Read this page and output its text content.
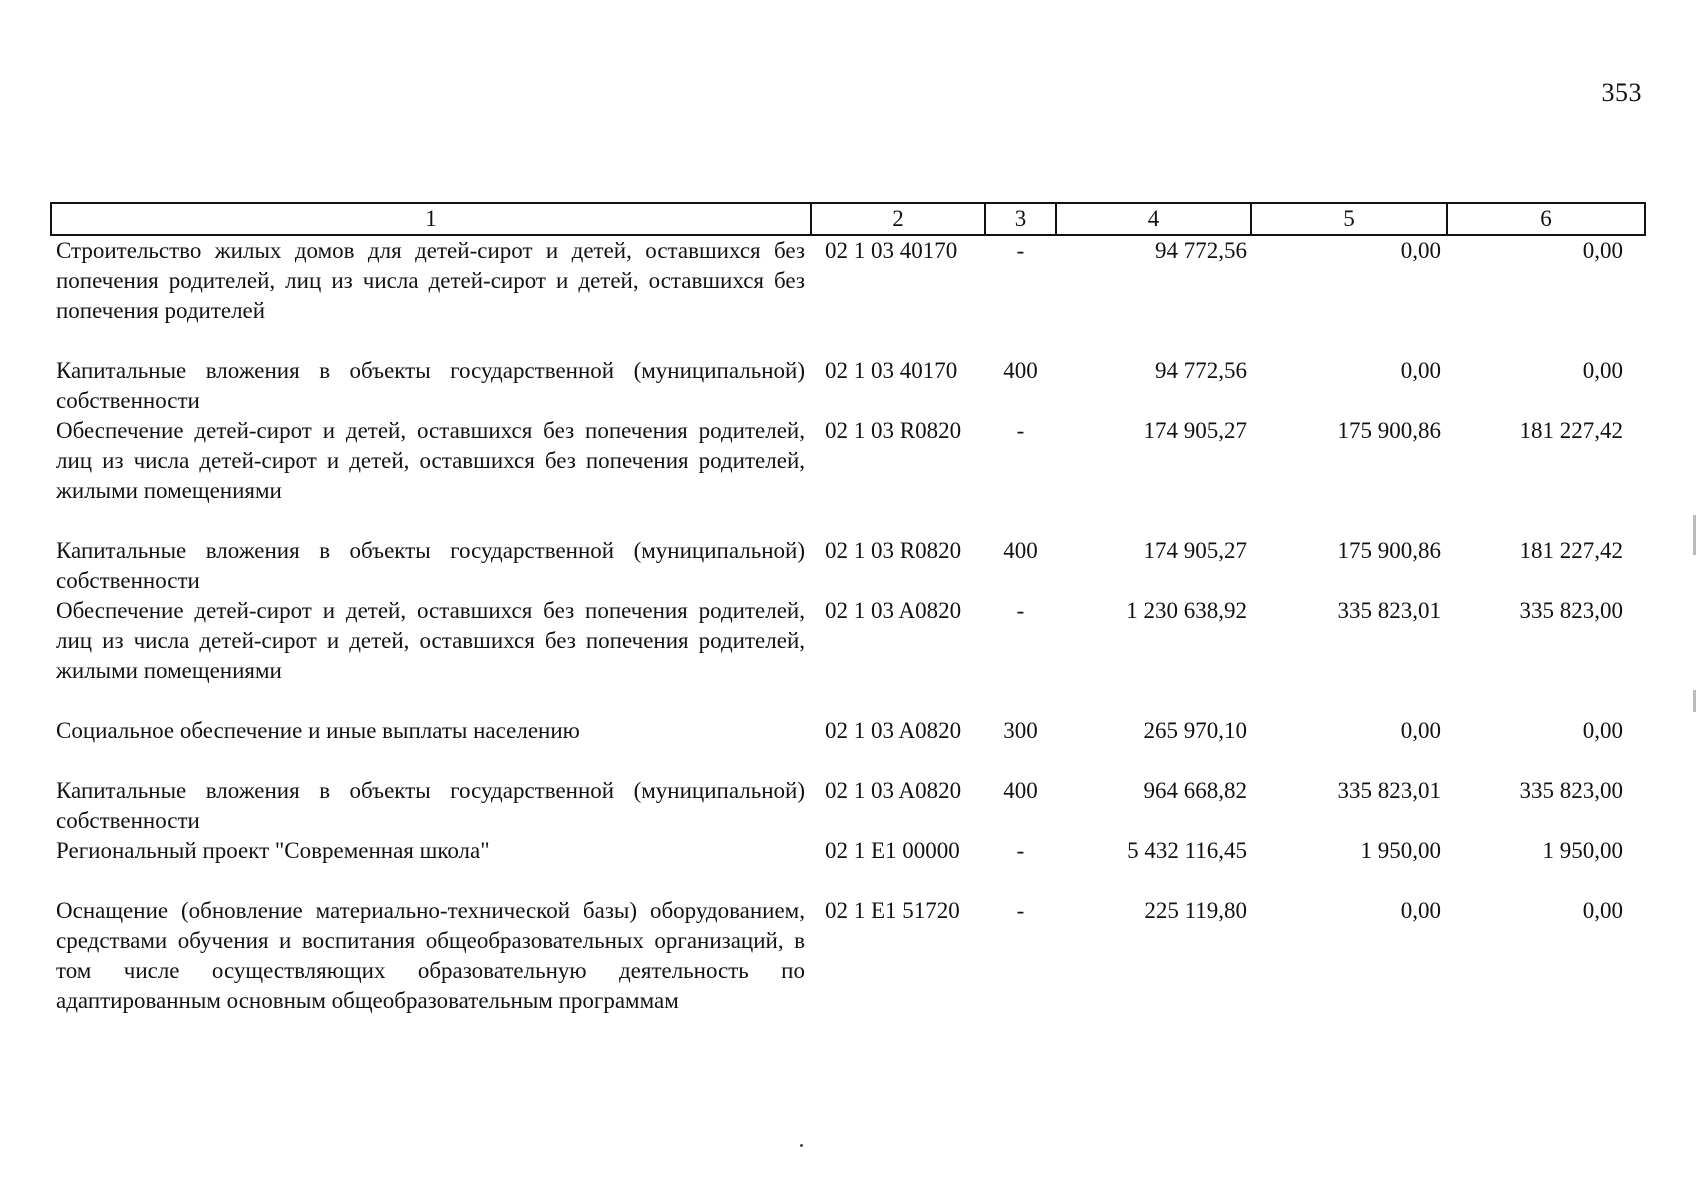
353
1	2	3	4	5	6
Строительство жилых домов для детей-сирот и детей, оставшихся без попечения родителей, лиц из числа детей-сирот и детей, оставшихся без попечения родителей	02 1 03 40170	-	94 772,56	0,00	0,00
Капитальные вложения в объекты государственной (муниципальной) собственности	02 1 03 40170	400	94 772,56	0,00	0,00
Обеспечение детей-сирот и детей, оставшихся без попечения родителей, лиц из числа детей-сирот и детей, оставшихся без попечения родителей, жилыми помещениями	02 1 03 R0820	-	174 905,27	175 900,86	181 227,42
Капитальные вложения в объекты государственной (муниципальной) собственности	02 1 03 R0820	400	174 905,27	175 900,86	181 227,42
Обеспечение детей-сирот и детей, оставшихся без попечения родителей, лиц из числа детей-сирот и детей, оставшихся без попечения родителей, жилыми помещениями	02 1 03 A0820	-	1 230 638,92	335 823,01	335 823,00
Социальное обеспечение и иные выплаты населению	02 1 03 A0820	300	265 970,10	0,00	0,00
Капитальные вложения в объекты государственной (муниципальной) собственности	02 1 03 A0820	400	964 668,82	335 823,01	335 823,00
Региональный проект "Современная школа"	02 1 E1 00000	-	5 432 116,45	1 950,00	1 950,00
Оснащение (обновление материально-технической базы) оборудованием, средствами обучения и воспитания общеобразовательных организаций, в том числе осуществляющих образовательную деятельность по адаптированным основным общеобразовательным программам	02 1 E1 51720	-	225 119,80	0,00	0,00
